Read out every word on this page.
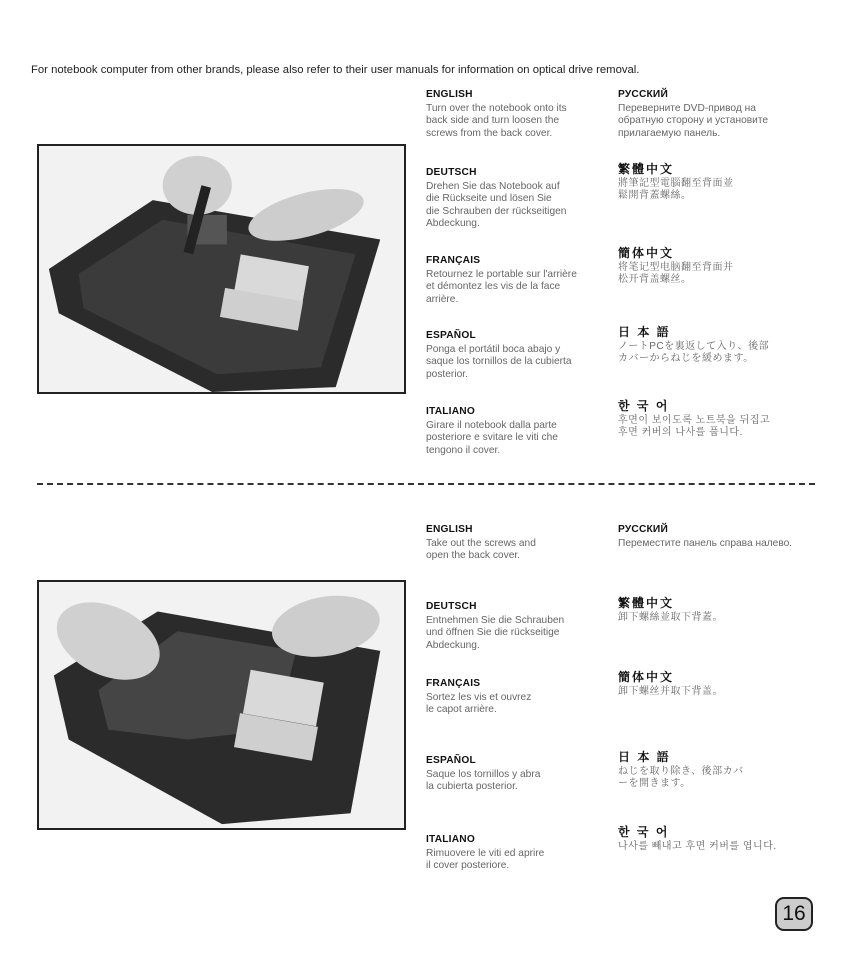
For notebook computer from other brands, please also refer to their user manuals for information on optical drive removal.
ENGLISH
Turn over the notebook onto its
back side and turn loosen the
screws from the back cover.
DEUTSCH
Drehen Sie das Notebook auf
die Rückseite und lösen Sie
die Schrauben der rückseitigen
Abdeckung.
FRANÇAIS
Retournez le portable sur l'arrière
et démontez les vis de la face
arrière.
ESPAÑOL
Ponga el portátil boca abajo y
saque los tornillos de la cubierta
posterior.
ITALIANO
Girare il notebook dalla parte
posteriore e svitare le viti che
tengono il cover.
РУССКИЙ
Переверните DVD-привод на
обратную сторону и установите
прилагаемую панель.
繁體中文
將筆記型電腦翻至背面並
鬆開背蓋螺絲。
簡体中文
将笔记型电脑翻至背面并
松开背盖螺丝。
日 本 語
ノートPCを裏返して入り、後部
カバーからねじを緩めます。
한 국 어
후면이 보이도록 노트북을 뒤집고
후면 커버의 나사를 풉니다.
ENGLISH
Take out the screws and
open the back cover.
DEUTSCH
Entnehmen Sie die Schrauben
und öffnen Sie die rückseitige
Abdeckung.
FRANÇAIS
Sortez les vis et ouvrez
le capot arrière.
ESPAÑOL
Saque los tornillos y abra
la cubierta posterior.
ITALIANO
Rimuovere le viti ed aprire
il cover posteriore.
РУССКИЙ
Переместите панель справа налево.
繁體中文
卸下螺絲並取下背蓋。
簡体中文
卸下螺丝并取下背盖。
日 本 語
ねじを取り除き、後部カバ
ーを開きます。
한 국 어
나사를 빼내고 후면 커버를 엽니다.
16
